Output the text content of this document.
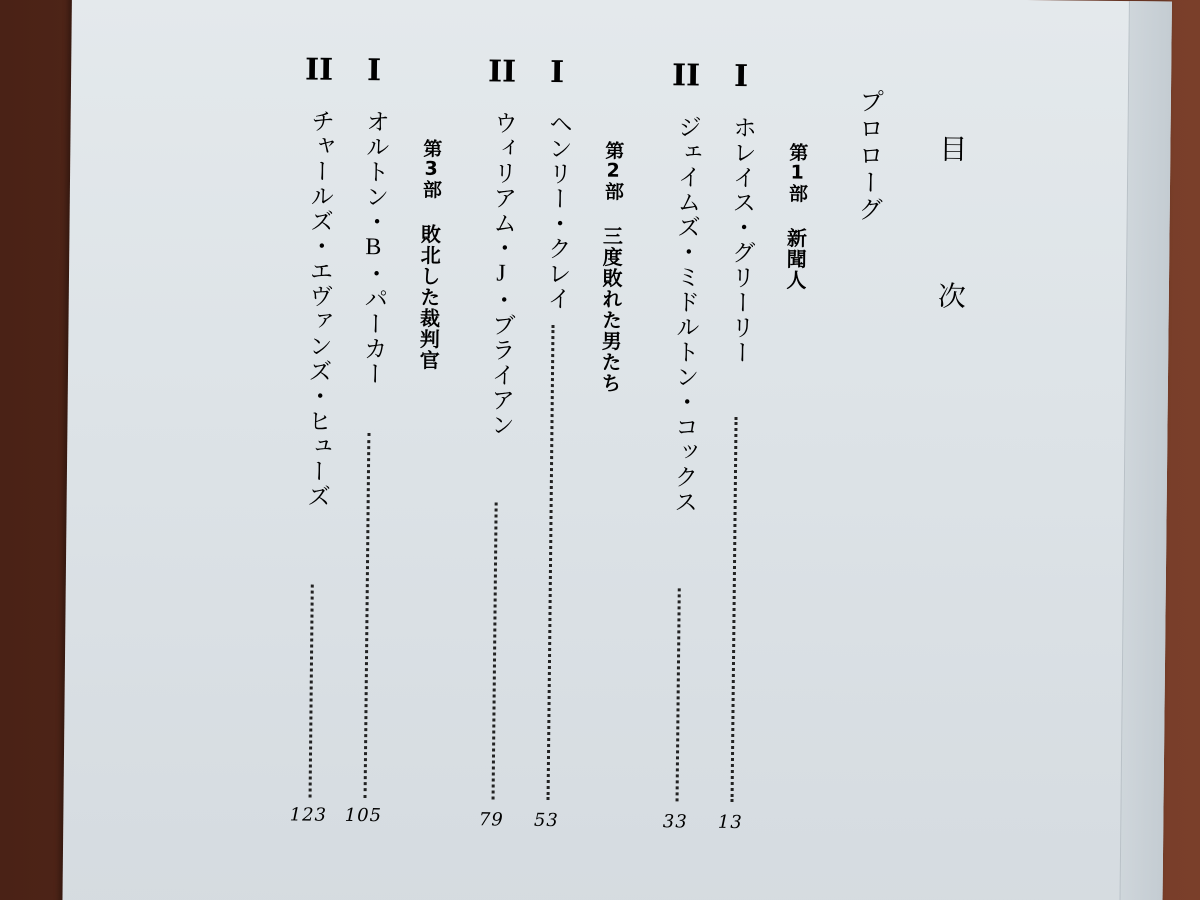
目 次
プロローグ
第1部
新聞人
I
ホレイス・グリーリー
13
II
ジェイムズ・ミドルトン・コックス
33
第2部
三度敗れた男たち
I
ヘンリー・クレイ
53
II
ウィリアム・J・ブライアン
79
第3部
敗北した裁判官
I
オルトン・B・パーカー
105
II
チャールズ・エヴァンズ・ヒューズ
123
